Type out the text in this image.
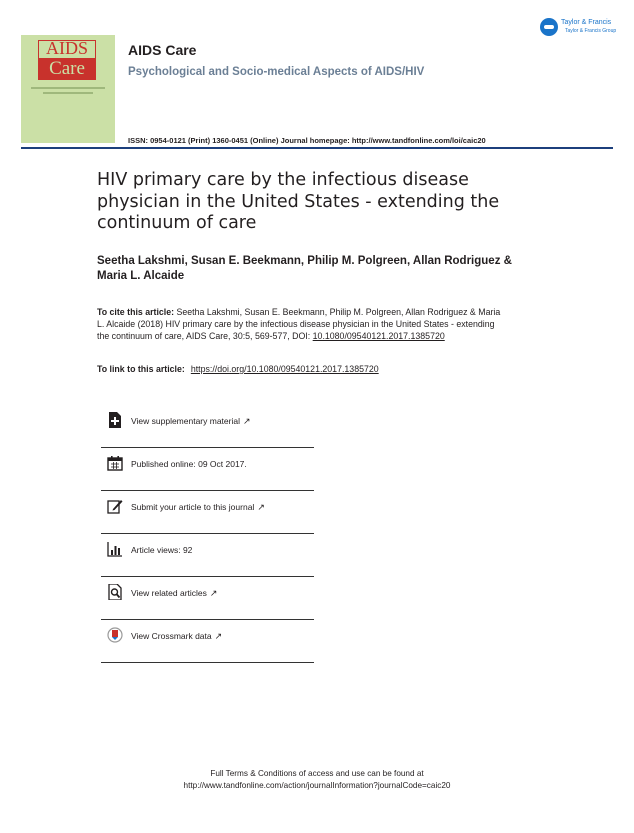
AIDS
Care
AIDS Care
Psychological and Socio-medical Aspects of AIDS/HIV
ISSN: 0954-0121 (Print) 1360-0451 (Online) Journal homepage: http://www.tandfonline.com/loi/caic20
Taylor & Francis
Taylor & Francis Group
HIV primary care by the infectious disease physician in the United States - extending the continuum of care
Seetha Lakshmi, Susan E. Beekmann, Philip M. Polgreen, Allan Rodriguez & Maria L. Alcaide
To cite this article: Seetha Lakshmi, Susan E. Beekmann, Philip M. Polgreen, Allan Rodriguez & Maria L. Alcaide (2018) HIV primary care by the infectious disease physician in the United States - extending the continuum of care, AIDS Care, 30:5, 569-577, DOI: 10.1080/09540121.2017.1385720
To link to this article: https://doi.org/10.1080/09540121.2017.1385720
View supplementary material ↗
Published online: 09 Oct 2017.
Submit your article to this journal ↗
Article views: 92
View related articles ↗
View Crossmark data ↗
Full Terms & Conditions of access and use can be found at
http://www.tandfonline.com/action/journalInformation?journalCode=caic20
